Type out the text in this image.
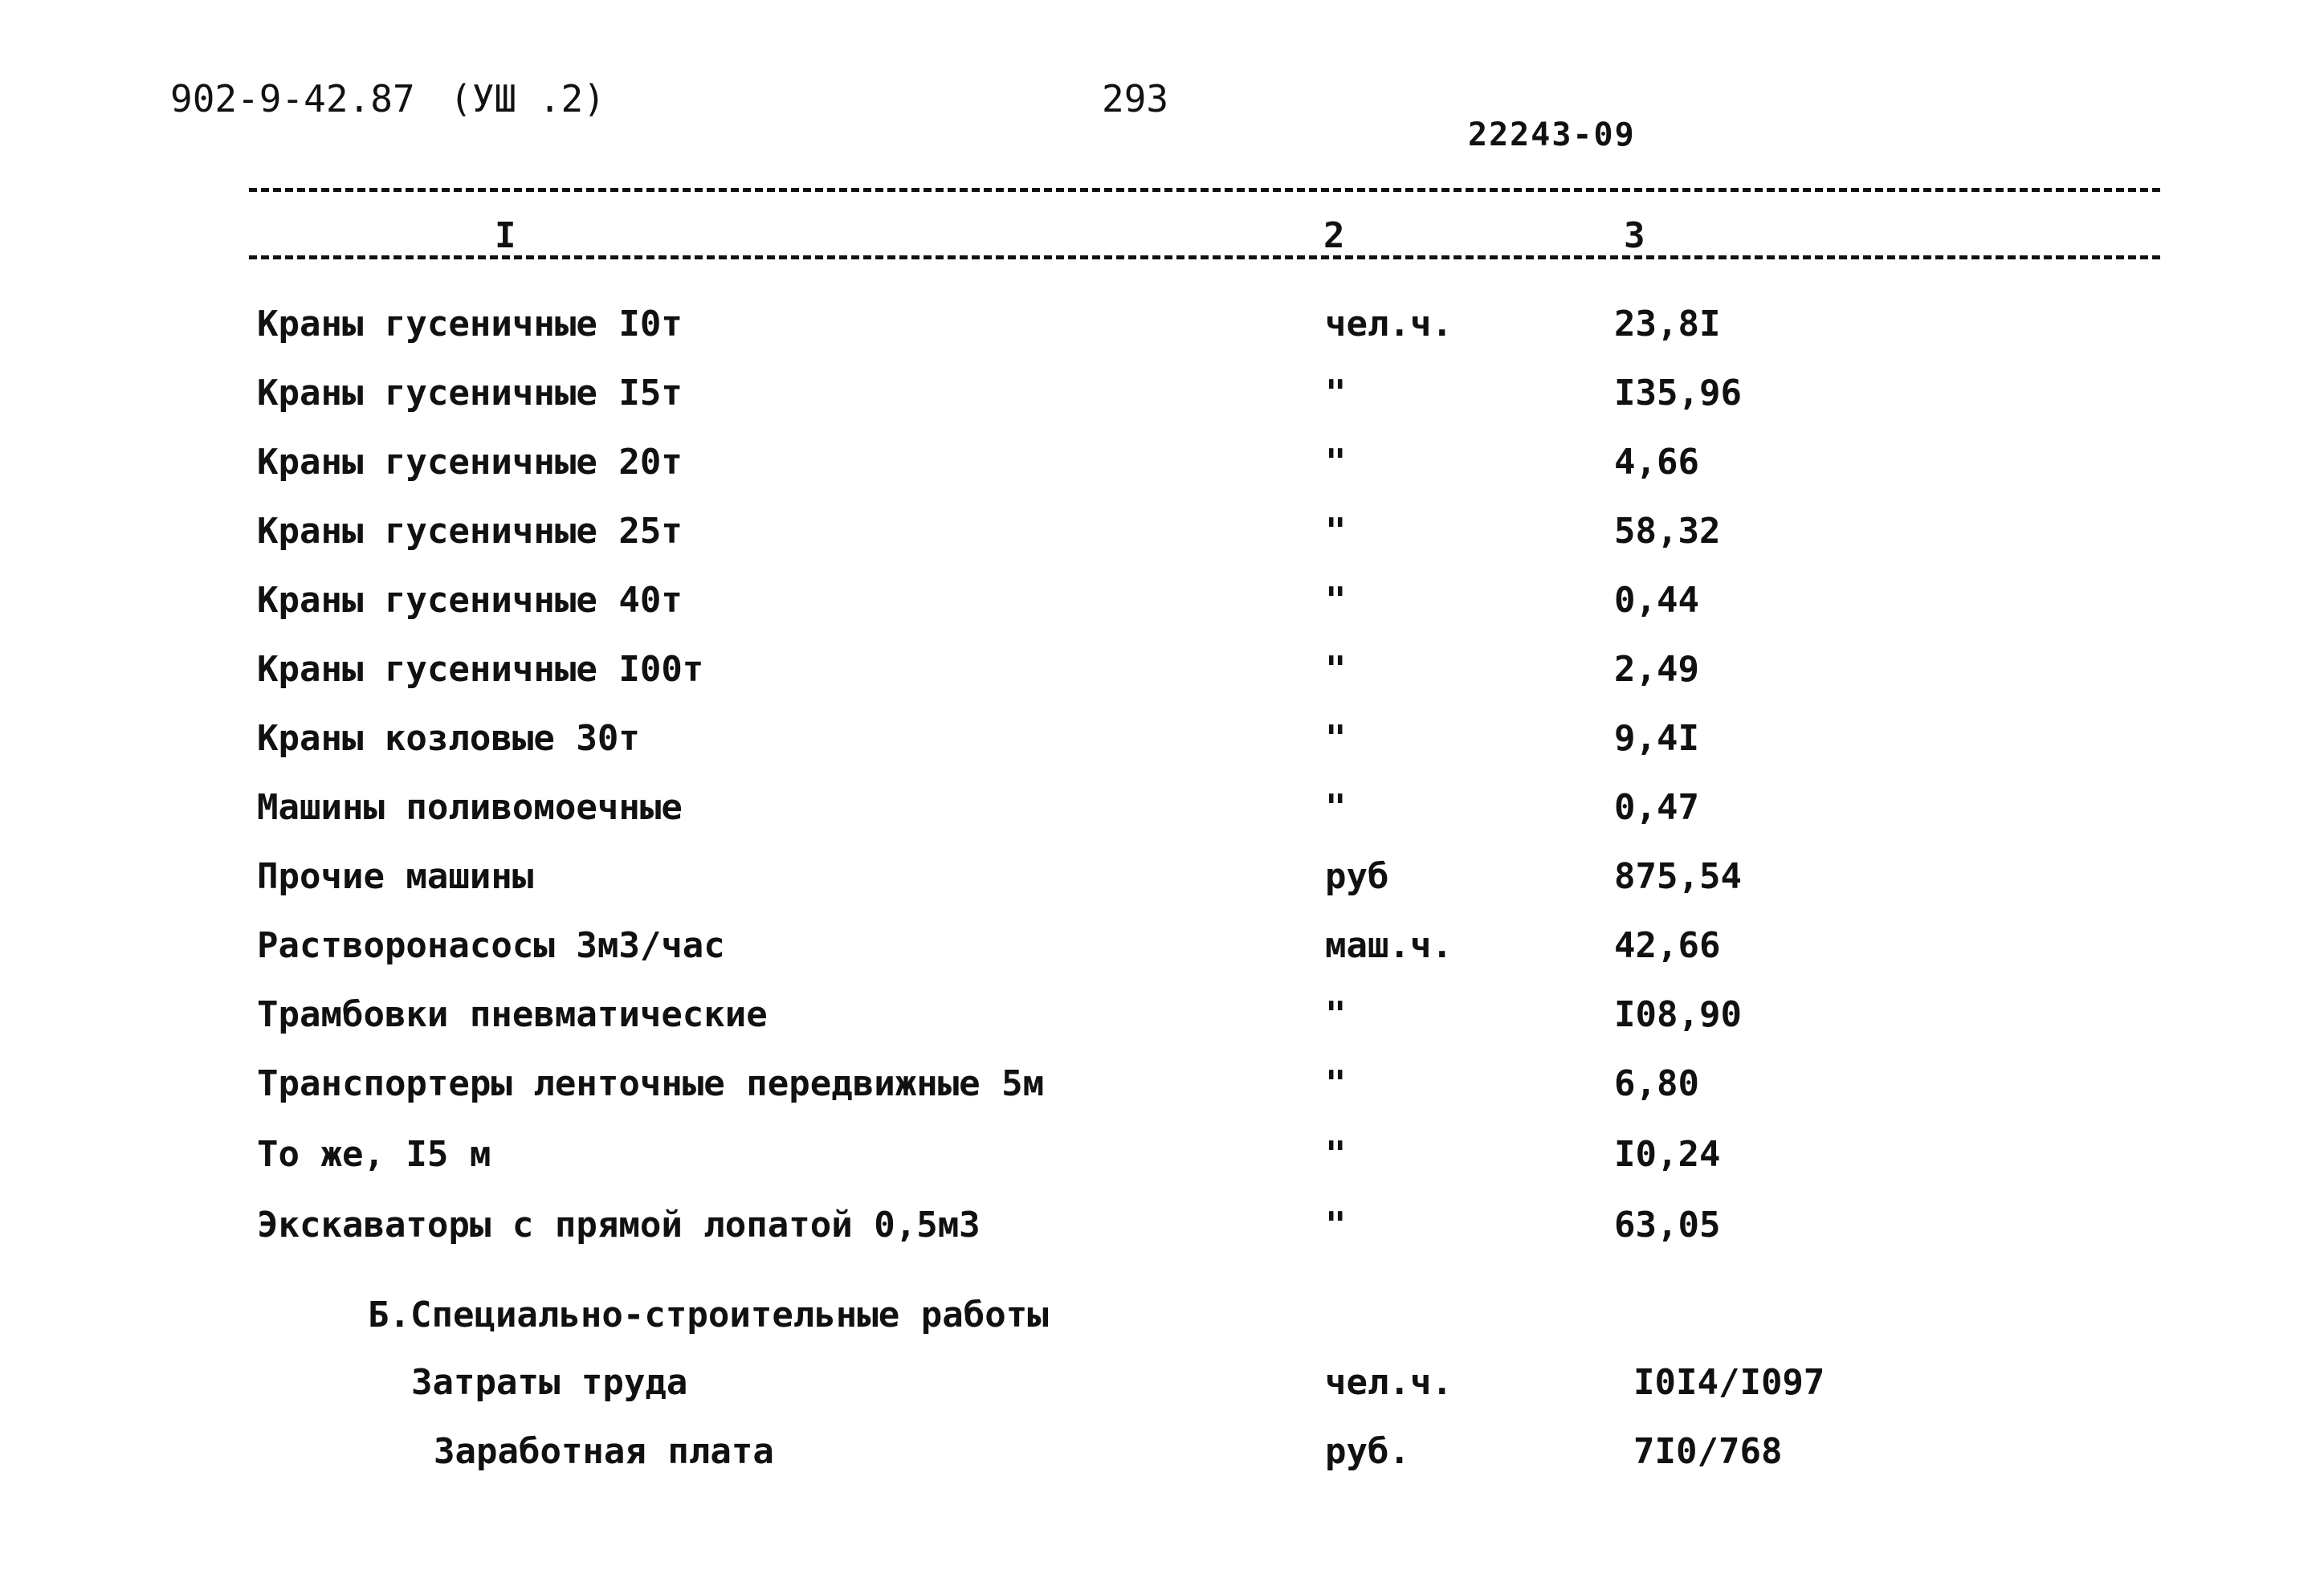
902-9-42.87 (УШ .2)	293
22243-09
I	2	3
Краны гусеничные I0т	чел.ч.	23,8I
Краны гусеничные I5т	"	I35,96
Краны гусеничные 20т	"	4,66
Краны гусеничные 25т	"	58,32
Краны гусеничные 40т	"	0,44
Краны гусеничные I00т	"	2,49
Краны козловые 30т	"	9,4I
Машины поливомоечные	"	0,47
Прочие машины	руб	875,54
Растворонасосы 3м3/час	маш.ч.	42,66
Трамбовки пневматические	"	I08,90
Транспортеры ленточные передвижные 5м	"	6,80
То же, I5 м	"	I0,24
Экскаваторы с прямой лопатой 0,5м3	"	63,05
Б.Специально-строительные работы
Затраты труда	чел.ч.	I0I4/I097
Заработная плата	руб.	7I0/768
